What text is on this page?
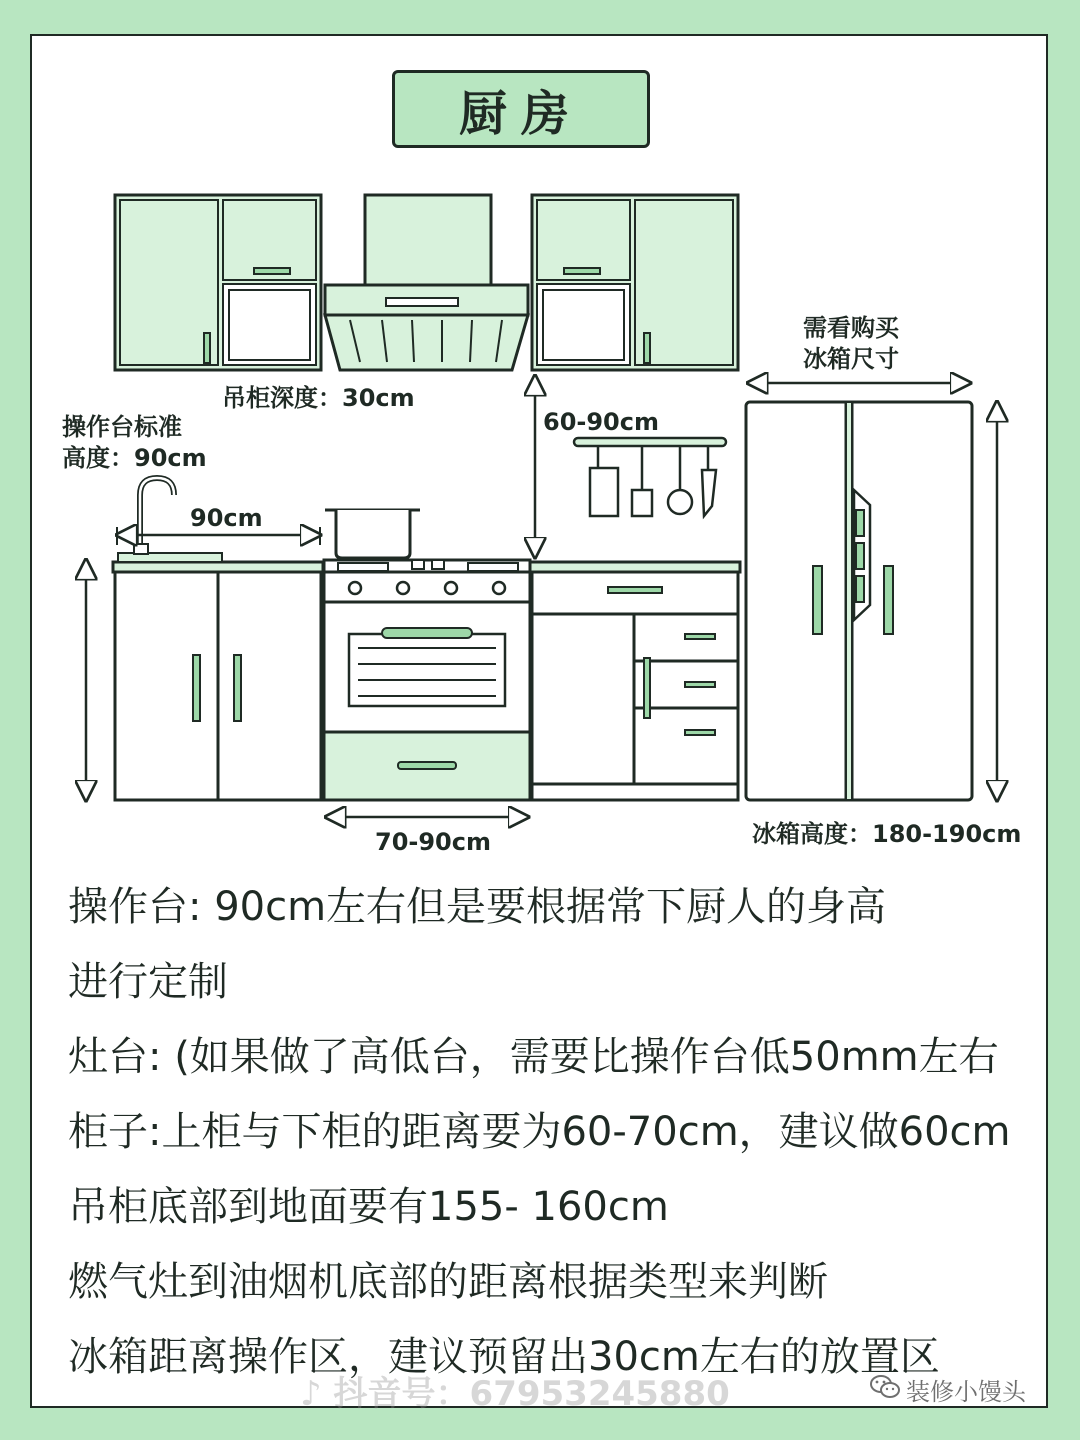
厨房
吊柜深度：30cm
操作台标准
高度：90cm
90cm
60-90cm
70-90cm
需看购买
冰箱尺寸
冰箱高度：180-190cm
操作台: 90cm左右但是要根据常下厨人的身高
进行定制
灶台: (如果做了高低台，需要比操作台低50mm左右
柜子:上柜与下柜的距离要为60-70cm，建议做60cm
吊柜底部到地面要有155- 160cm
燃气灶到油烟机底部的距离根据类型来判断
冰箱距离操作区，建议预留出30cm左右的放置区
♪ 抖音号：67953245880	装修小馒头
